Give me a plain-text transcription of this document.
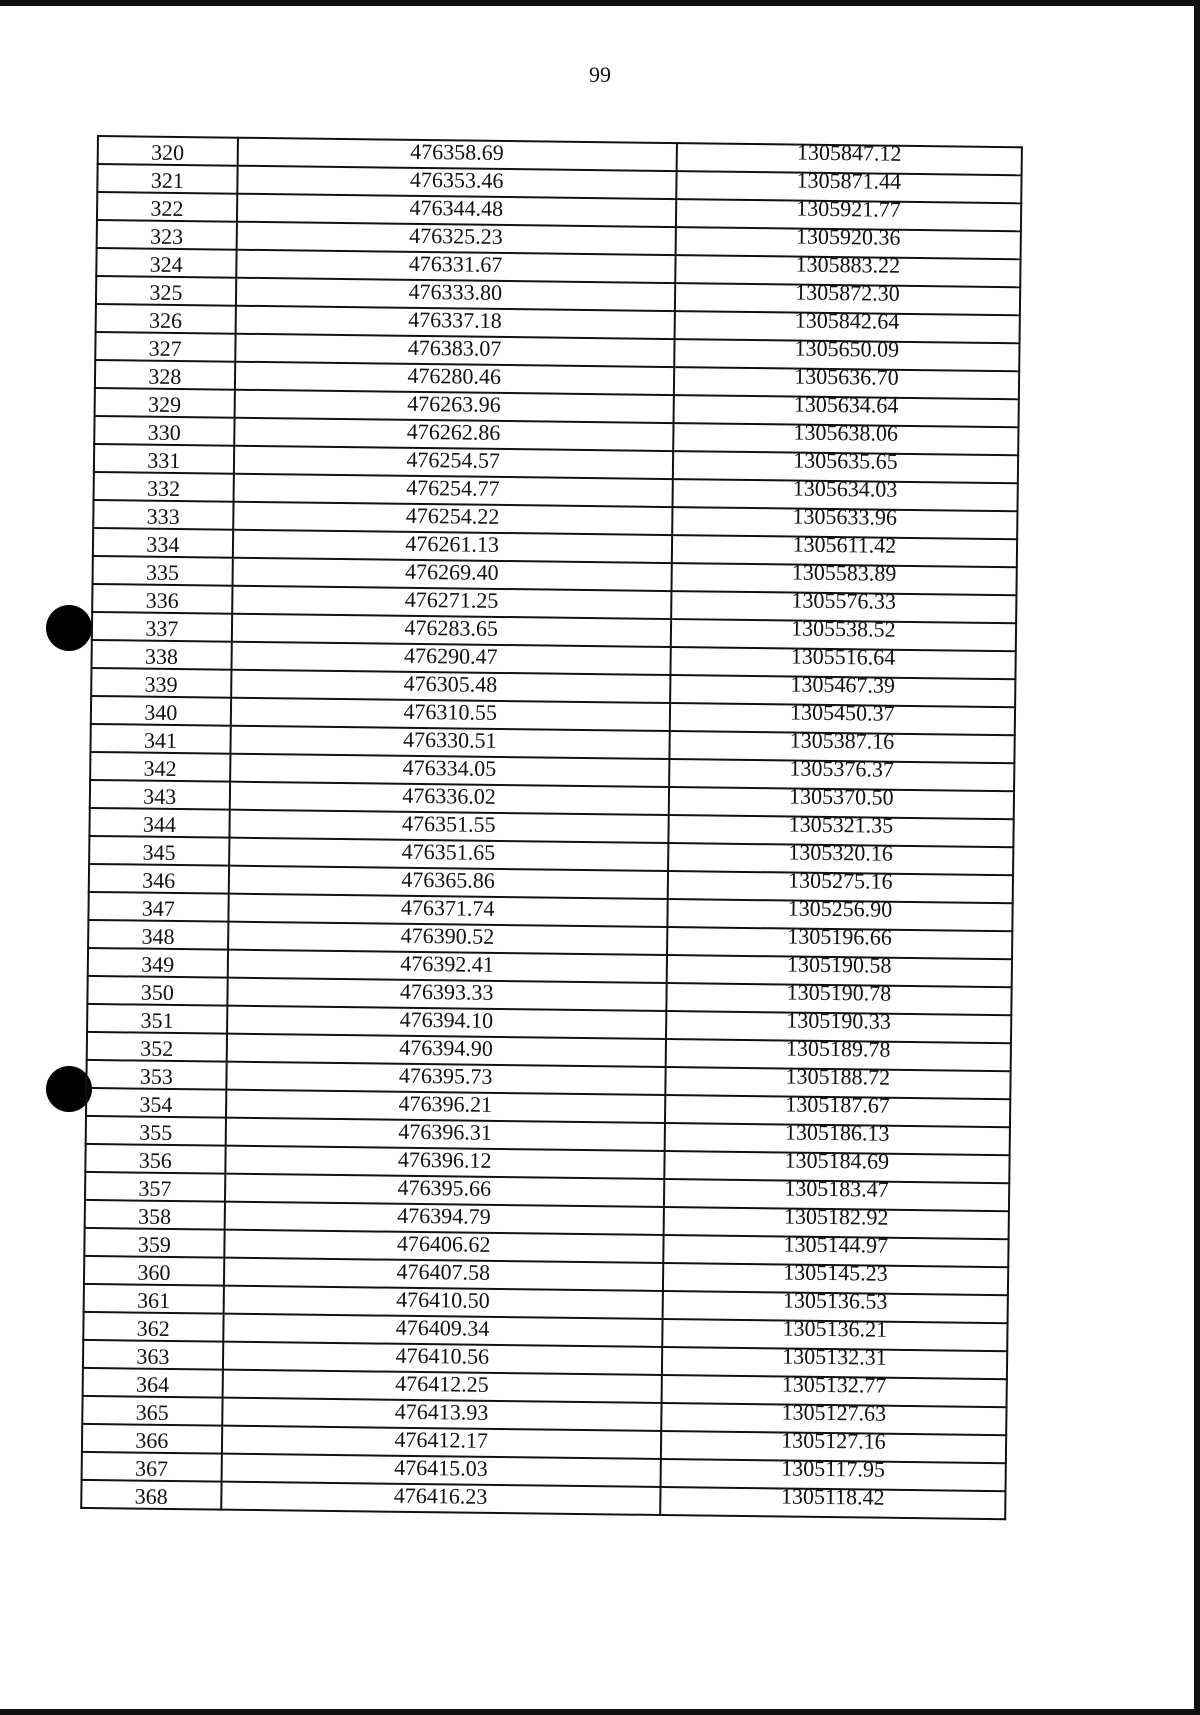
99
320	476358.69	1305847.12
321	476353.46	1305871.44
322	476344.48	1305921.77
323	476325.23	1305920.36
324	476331.67	1305883.22
325	476333.80	1305872.30
326	476337.18	1305842.64
327	476383.07	1305650.09
328	476280.46	1305636.70
329	476263.96	1305634.64
330	476262.86	1305638.06
331	476254.57	1305635.65
332	476254.77	1305634.03
333	476254.22	1305633.96
334	476261.13	1305611.42
335	476269.40	1305583.89
336	476271.25	1305576.33
337	476283.65	1305538.52
338	476290.47	1305516.64
339	476305.48	1305467.39
340	476310.55	1305450.37
341	476330.51	1305387.16
342	476334.05	1305376.37
343	476336.02	1305370.50
344	476351.55	1305321.35
345	476351.65	1305320.16
346	476365.86	1305275.16
347	476371.74	1305256.90
348	476390.52	1305196.66
349	476392.41	1305190.58
350	476393.33	1305190.78
351	476394.10	1305190.33
352	476394.90	1305189.78
353	476395.73	1305188.72
354	476396.21	1305187.67
355	476396.31	1305186.13
356	476396.12	1305184.69
357	476395.66	1305183.47
358	476394.79	1305182.92
359	476406.62	1305144.97
360	476407.58	1305145.23
361	476410.50	1305136.53
362	476409.34	1305136.21
363	476410.56	1305132.31
364	476412.25	1305132.77
365	476413.93	1305127.63
366	476412.17	1305127.16
367	476415.03	1305117.95
368	476416.23	1305118.42
